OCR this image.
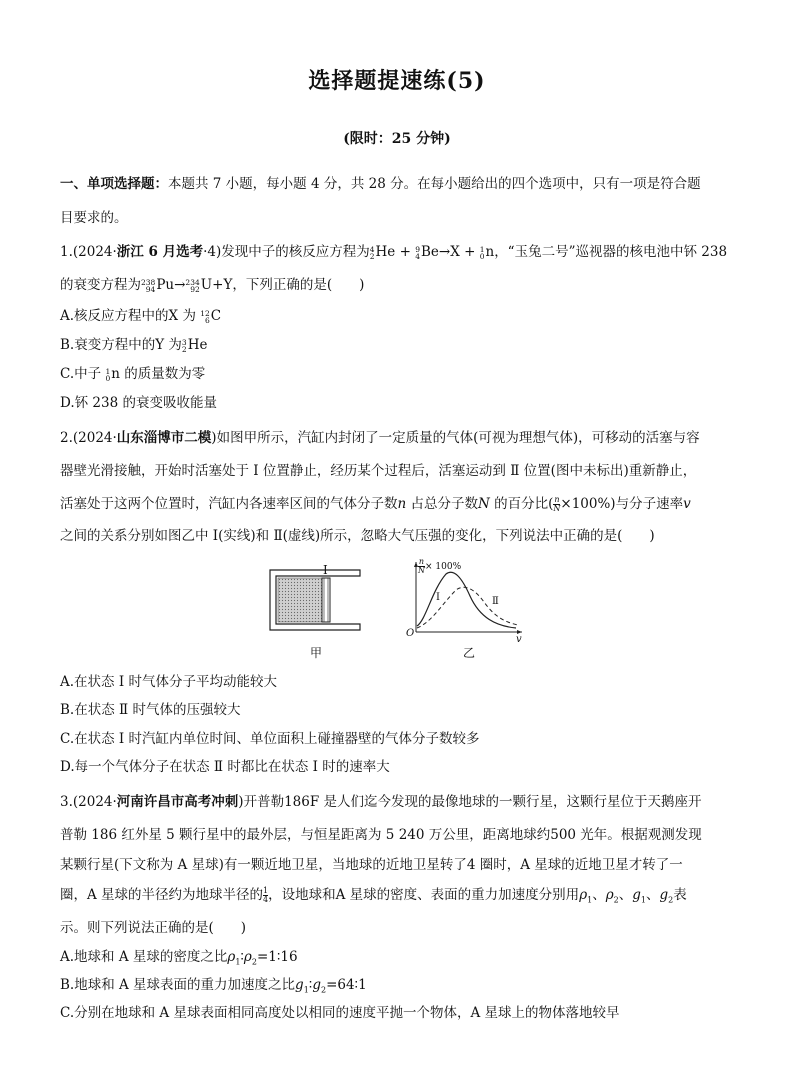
选择题提速练(5)
(限时：25 分钟)
一、单项选择题：本题共 7 小题，每小题 4 分，共 28 分。在每小题给出的四个选项中，只有一项是符合题
目要求的。
1.(2024·浙江 6 月选考·4)发现中子的核反应方程为4
2He + 9
4Be→X + 1
0n，“玉兔二号”巡视器的核电池中钚 238
的衰变方程为238
94Pu→234
92U+Y，下列正确的是(　　)
A.核反应方程中的X 为 12
6C
B.衰变方程中的Y 为3
2He
C.中子 1
0n 的质量数为零
D.钚 238 的衰变吸收能量
2.(2024·山东淄博市二模)如图甲所示，汽缸内封闭了一定质量的气体(可视为理想气体)，可移动的活塞与容
器壁光滑接触，开始时活塞处于 Ⅰ 位置静止，经历某个过程后，活塞运动到 Ⅱ 位置(图中未标出)重新静止，
活塞处于这两个位置时，汽缸内各速率区间的气体分子数n 占总分子数N 的百分比( $\frac{n}{N} \times 100\%$)与分子速率v
之间的关系分别如图乙中 Ⅰ(实线)和 Ⅱ(虚线)所示，忽略大气压强的变化，下列说法中正确的是(　　)
Ⅰ
甲	乙
$\frac{n}{N} \times 100\%$
O
v
Ⅰ	Ⅱ
A.在状态 Ⅰ 时气体分子平均动能较大
B.在状态 Ⅱ 时气体的压强较大
C.在状态 Ⅰ 时汽缸内单位时间、单位面积上碰撞器壁的气体分子数较多
D.每一个气体分子在状态 Ⅱ 时都比在状态 Ⅰ 时的速率大
3.(2024·河南许昌市高考冲刺)开普勒186F 是人们迄今发现的最像地球的一颗行星，这颗行星位于天鹅座开
普勒 186 红外星 5 颗行星中的最外层，与恒星距离为 5 240 万公里，距离地球约500 光年。根据观测发现
某颗行星(下文称为 A 星球)有一颗近地卫星，当地球的近地卫星转了4 圈时，A 星球的近地卫星才转了一
圈，A 星球的半径约为地球半径的 $\frac{1}{4}$ ，设地球和A 星球的密度、表面的重力加速度分别用$\rho_1$、$\rho_2$、$g_1$、$g_2$表
示。则下列说法正确的是(　　)
A.地球和 A 星球的密度之比$\rho_1∶\rho_2=1∶16$
B.地球和 A 星球表面的重力加速度之比$g_1∶g_2=64∶1$
C.分别在地球和 A 星球表面相同高度处以相同的速度平抛一个物体，A 星球上的物体落地较早
